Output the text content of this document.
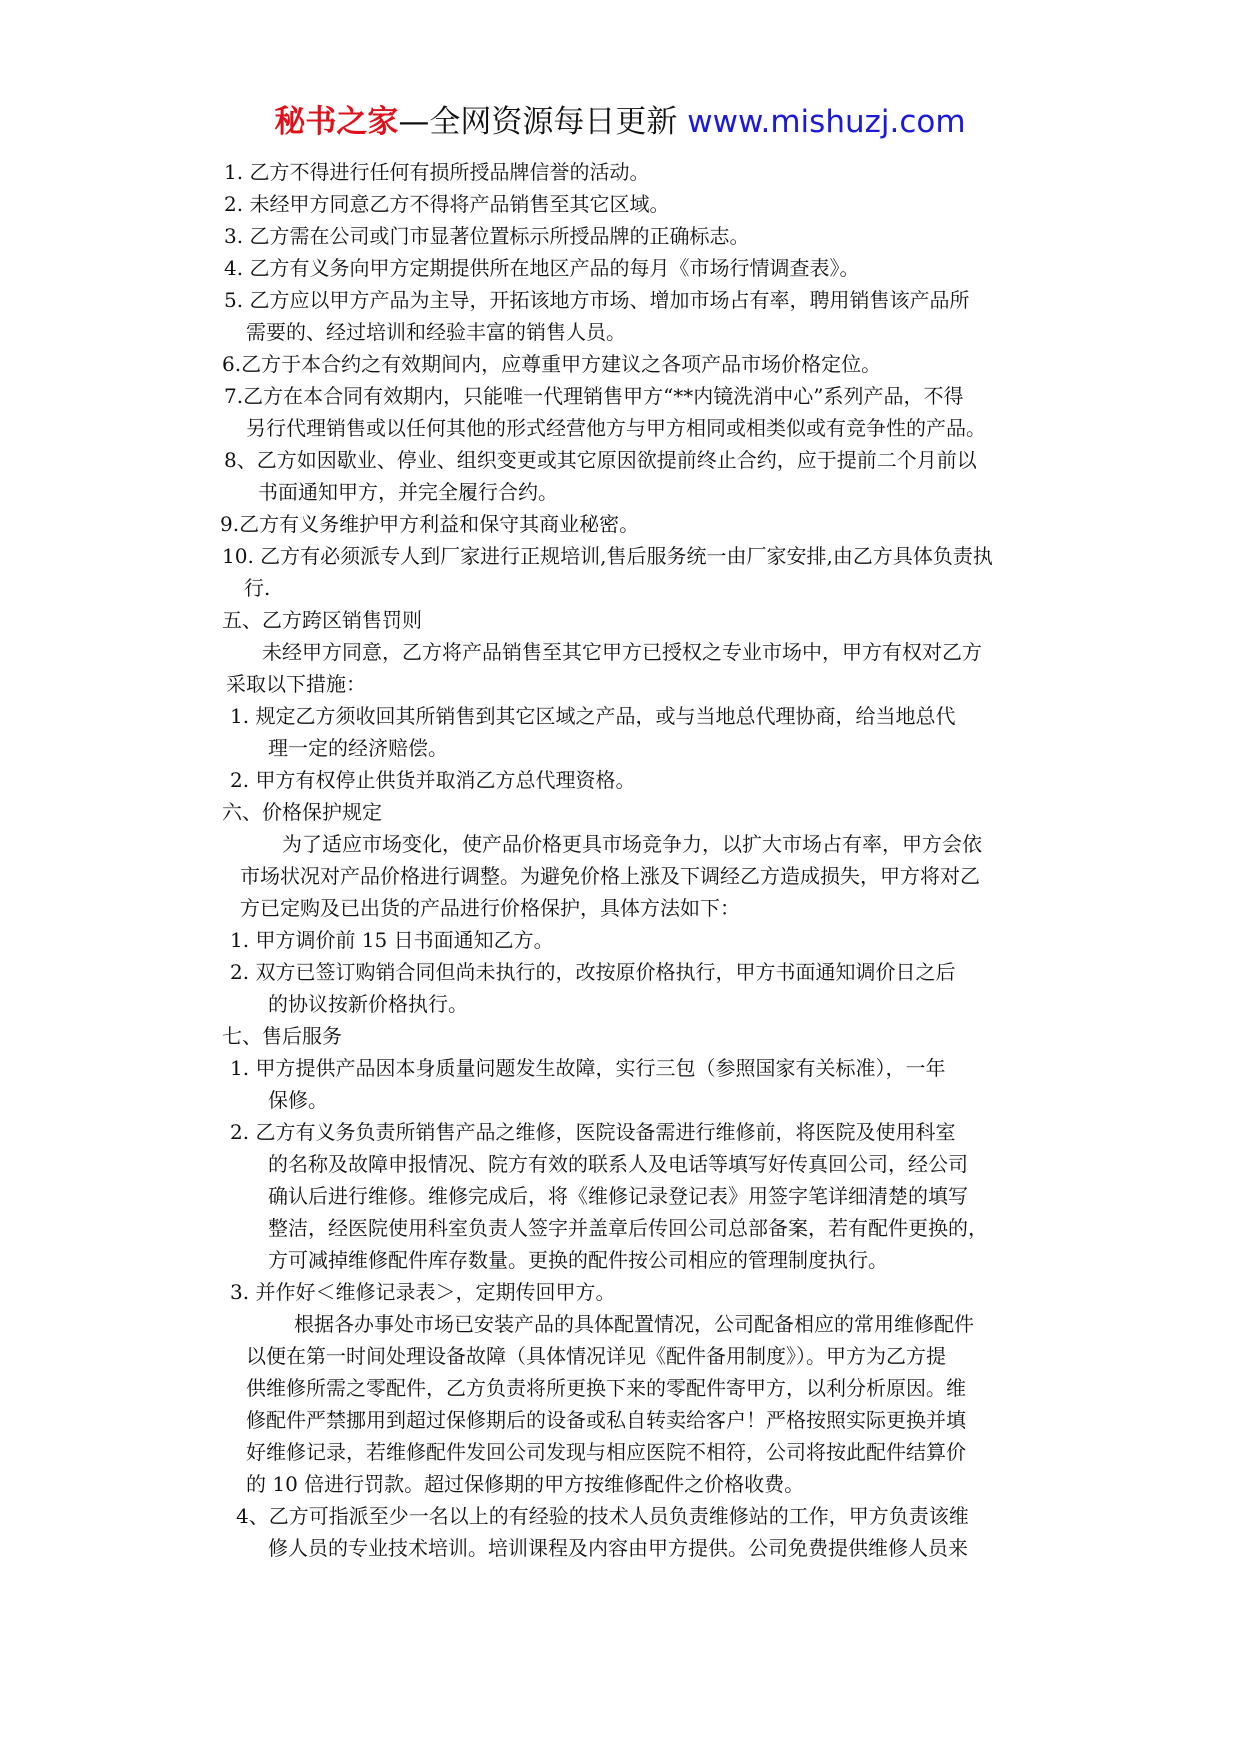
秘书之家—全网资源每日更新 www.mishuzj.com
1. 乙方不得进行任何有损所授品牌信誉的活动。
2. 未经甲方同意乙方不得将产品销售至其它区域。
3. 乙方需在公司或门市显著位置标示所授品牌的正确标志。
4. 乙方有义务向甲方定期提供所在地区产品的每月《市场行情调查表》。
5. 乙方应以甲方产品为主导，开拓该地方市场、增加市场占有率，聘用销售该产品所
需要的、经过培训和经验丰富的销售人员。
6.乙方于本合约之有效期间内，应尊重甲方建议之各项产品市场价格定位。
7.乙方在本合同有效期内，只能唯一代理销售甲方“**内镜洗消中心”系列产品，不得
另行代理销售或以任何其他的形式经营他方与甲方相同或相类似或有竞争性的产品。
8、乙方如因歇业、停业、组织变更或其它原因欲提前终止合约，应于提前二个月前以
书面通知甲方，并完全履行合约。
9.乙方有义务维护甲方利益和保守其商业秘密。
10. 乙方有必须派专人到厂家进行正规培训,售后服务统一由厂家安排,由乙方具体负责执
行.
五、乙方跨区销售罚则
未经甲方同意，乙方将产品销售至其它甲方已授权之专业市场中，甲方有权对乙方
采取以下措施：
1. 规定乙方须收回其所销售到其它区域之产品，或与当地总代理协商，给当地总代
理一定的经济赔偿。
2. 甲方有权停止供货并取消乙方总代理资格。
六、价格保护规定
为了适应市场变化，使产品价格更具市场竞争力，以扩大市场占有率，甲方会依
市场状况对产品价格进行调整。为避免价格上涨及下调经乙方造成损失，甲方将对乙
方已定购及已出货的产品进行价格保护，具体方法如下：
1. 甲方调价前 15 日书面通知乙方。
2. 双方已签订购销合同但尚未执行的，改按原价格执行，甲方书面通知调价日之后
的协议按新价格执行。
七、售后服务
1. 甲方提供产品因本身质量问题发生故障，实行三包（参照国家有关标准），一年
保修。
2. 乙方有义务负责所销售产品之维修，医院设备需进行维修前，将医院及使用科室
的名称及故障申报情况、院方有效的联系人及电话等填写好传真回公司，经公司
确认后进行维修。维修完成后，将《维修记录登记表》用签字笔详细清楚的填写
整洁，经医院使用科室负责人签字并盖章后传回公司总部备案，若有配件更换的，
方可减掉维修配件库存数量。更换的配件按公司相应的管理制度执行。
3. 并作好＜维修记录表＞，定期传回甲方。
根据各办事处市场已安装产品的具体配置情况，公司配备相应的常用维修配件
以便在第一时间处理设备故障（具体情况详见《配件备用制度》）。甲方为乙方提
供维修所需之零配件，乙方负责将所更换下来的零配件寄甲方，以利分析原因。维
修配件严禁挪用到超过保修期后的设备或私自转卖给客户！严格按照实际更换并填
好维修记录，若维修配件发回公司发现与相应医院不相符，公司将按此配件结算价
的 10 倍进行罚款。超过保修期的甲方按维修配件之价格收费。
4、乙方可指派至少一名以上的有经验的技术人员负责维修站的工作，甲方负责该维
修人员的专业技术培训。培训课程及内容由甲方提供。公司免费提供维修人员来
